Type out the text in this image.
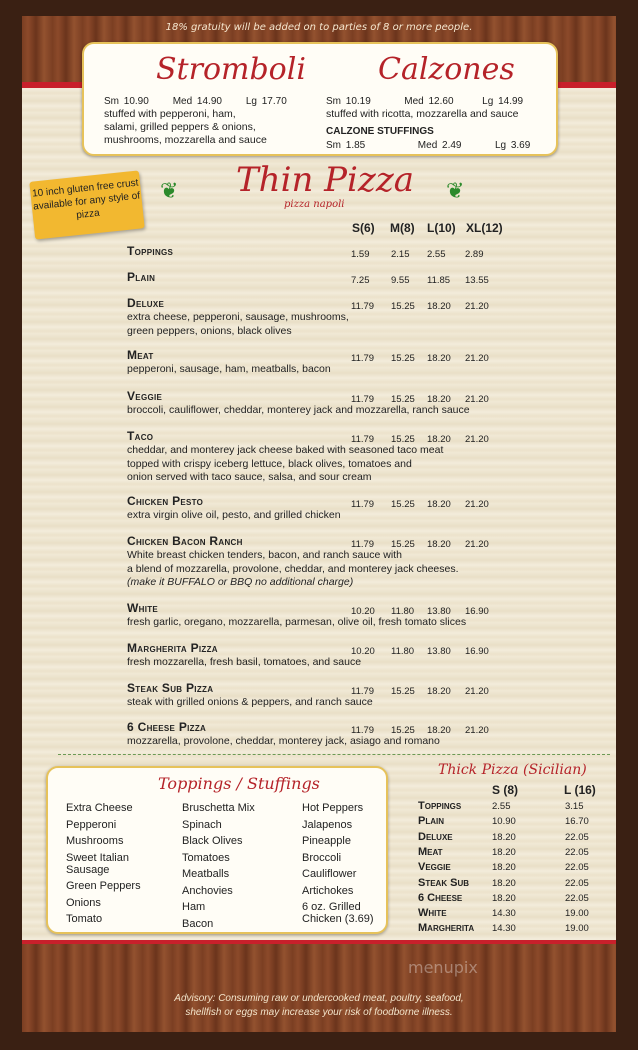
18% gratuity will be added on to parties of 8 or more people.
Stromboli
Sm 10.90     Med 14.90     Lg 17.70
stuffed with pepperoni, ham,
salami, grilled peppers & onions,
mushrooms, mozzarella and sauce
Calzones
Sm 10.19       Med 12.60      Lg 14.99
stuffed with ricotta, mozzarella and sauce
CALZONE STUFFINGS
Sm 1.85           Med 2.49       Lg 3.69
10 inch gluten free crust available for any style of pizza
❦	❦
Thin Pizza
pizza napoli
S(6) M(8) L(10) XL(12)
Toppings	1.59 2.15 2.55 2.89
Plain	7.25 9.55 11.85 13.55
Deluxe	11.79 15.25 18.20 21.20
extra cheese, pepperoni, sausage, mushrooms,
green peppers, onions, black olives
Meat	11.79 15.25 18.20 21.20
pepperoni, sausage, ham, meatballs, bacon
Veggie	11.79 15.25 18.20 21.20
broccoli, cauliflower, cheddar, monterey jack and mozzarella, ranch sauce
Taco	11.79 15.25 18.20 21.20
cheddar, and monterey jack cheese baked with seasoned taco meat
topped with crispy iceberg lettuce, black olives, tomatoes and
onion served with taco sauce, salsa, and sour cream
Chicken Pesto	11.79 15.25 18.20 21.20
extra virgin olive oil, pesto, and grilled chicken
Chicken Bacon Ranch	11.79 15.25 18.20 21.20
White breast chicken tenders, bacon, and ranch sauce with
a blend of mozzarella, provolone, cheddar, and monterey jack cheeses.
(make it BUFFALO or BBQ no additional charge)
White	10.20 11.80 13.80 16.90
fresh garlic, oregano, mozzarella, parmesan, olive oil, fresh tomato slices
Margherita Pizza	10.20 11.80 13.80 16.90
fresh mozzarella, fresh basil, tomatoes, and sauce
Steak Sub Pizza	11.79 15.25 18.20 21.20
steak with grilled onions & peppers, and ranch sauce
6 Cheese Pizza	11.79 15.25 18.20 21.20
mozzarella, provolone, cheddar, monterey jack, asiago and romano
Toppings / Stuffings
Extra Cheese
Pepperoni
Mushrooms
Sweet Italian Sausage
Green Peppers
Onions
Tomato
Bruschetta Mix
Spinach
Black Olives
Tomatoes
Meatballs
Anchovies
Ham
Bacon
Hot Peppers
Jalapenos
Pineapple
Broccoli
Cauliflower
Artichokes
6 oz. Grilled Chicken (3.69)
Thick Pizza (Sicilian)
S (8)	L (16)
Toppings	2.55	3.15
Plain	10.90	16.70
Deluxe	18.20	22.05
Meat	18.20	22.05
Veggie	18.20	22.05
Steak Sub 18.20	22.05
6 Cheese	18.20	22.05
White	14.30	19.00
Margherita 14.30	19.00
Advisory: Consuming raw or undercooked meat, poultry, seafood,
shellfish or eggs may increase your risk of foodborne illness.
menupix
